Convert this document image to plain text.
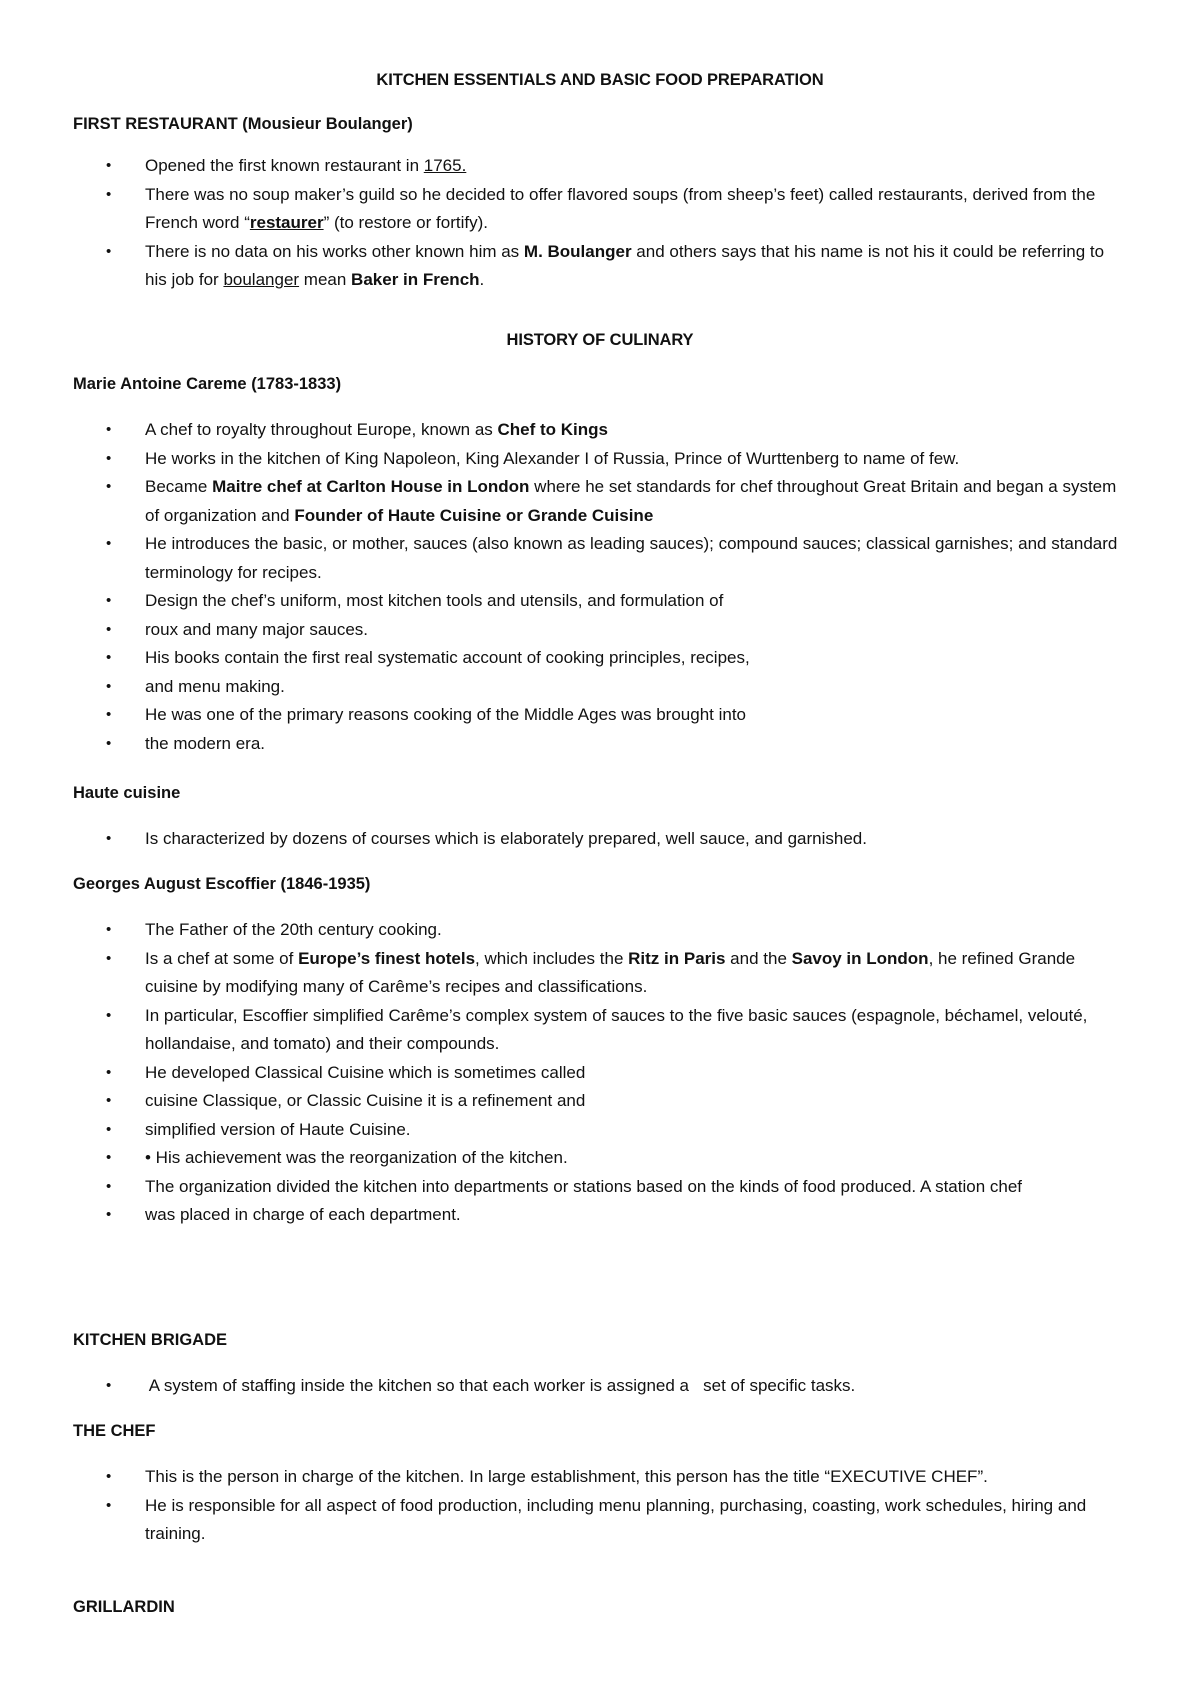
KITCHEN ESSENTIALS AND BASIC FOOD PREPARATION
FIRST RESTAURANT (Mousieur Boulanger)
• Opened the first known restaurant in 1765.
• There was no soup maker’s guild so he decided to offer flavored soups (from sheep’s feet) called restaurants, derived from the French word “restaurer” (to restore or fortify).
• There is no data on his works other known him as M. Boulanger and others says that his name is not his it could be referring to his job for boulanger mean Baker in French.
HISTORY OF CULINARY
Marie Antoine Careme (1783-1833)
• A chef to royalty throughout Europe, known as Chef to Kings
• He works in the kitchen of King Napoleon, King Alexander I of Russia, Prince of Wurttenberg to name of few.
• Became Maitre chef at Carlton House in London where he set standards for chef throughout Great Britain and began a system of organization and Founder of Haute Cuisine or Grande Cuisine
• He introduces the basic, or mother, sauces (also known as leading sauces); compound sauces; classical garnishes; and standard terminology for recipes.
• Design the chef’s uniform, most kitchen tools and utensils, and formulation of
• roux and many major sauces.
• His books contain the first real systematic account of cooking principles, recipes,
• and menu making.
• He was one of the primary reasons cooking of the Middle Ages was brought into
• the modern era.
Haute cuisine
• Is characterized by dozens of courses which is elaborately prepared, well sauce, and garnished.
Georges August Escoffier (1846-1935)
• The Father of the 20th century cooking.
• Is a chef at some of Europe’s finest hotels, which includes the Ritz in Paris and the Savoy in London, he refined Grande cuisine by modifying many of Carême’s recipes and classifications.
• In particular, Escoffier simplified Carême’s complex system of sauces to the five basic sauces (espagnole, béchamel, velouté, hollandaise, and tomato) and their compounds.
• He developed Classical Cuisine which is sometimes called
• cuisine Classique, or Classic Cuisine it is a refinement and
• simplified version of Haute Cuisine.
• • His achievement was the reorganization of the kitchen.
• The organization divided the kitchen into departments or stations based on the kinds of food produced. A station chef
• was placed in charge of each department.
KITCHEN BRIGADE
• A system of staffing inside the kitchen so that each worker is assigned a   set of specific tasks.
THE CHEF
• This is the person in charge of the kitchen. In large establishment, this person has the title “EXECUTIVE CHEF”.
• He is responsible for all aspect of food production, including menu planning, purchasing, coasting, work schedules, hiring and training.
GRILLARDIN
